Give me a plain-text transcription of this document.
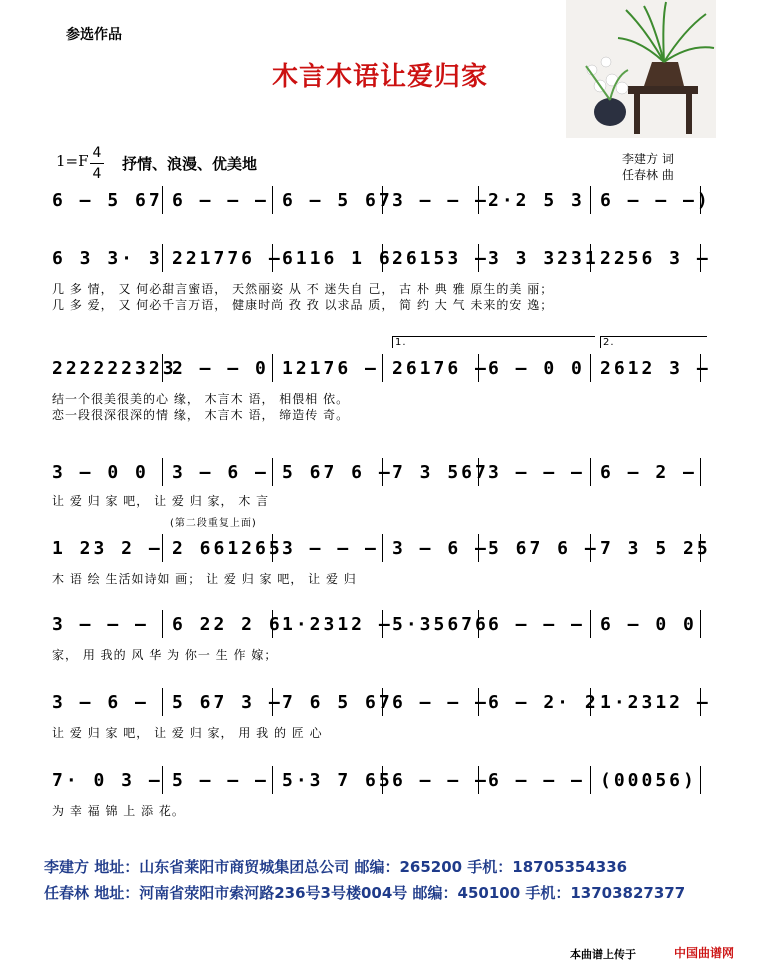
参选作品
木言木语让爱归家
1=F 4
4
抒情、浪漫、优美地	李建方 词
任春林 曲
6 – 5 67 6 – – – 6 – 5 67 3 – – – 2·2 5 3 6 – – –)
6 3 3· 3 221776 – 6116 1 6 26153 – 3 3 3231 2256 3 –
几 多 情， 又 何必甜言蜜语， 天然丽姿 从 不 迷失自 己， 古 朴 典 雅 原生的美 丽；
几 多 爱， 又 何必千言万语， 健康时尚 孜 孜 以求品 质， 简 约 大 气 未来的安 逸；
222222323
2 – – 0 12176 – 26176 – 6 – 0 0 2612 3 –
结一个很美很美的心 缘， 木言木 语， 相偎相 依。
恋一段很深很深的情 缘， 木言木 语， 缔造传 奇。
1.	2.
3 – 0 0 3 – 6 – 5 67 6 – 7 3 567 3 – – – 6 – 2 –
让 爱 归 家 吧， 让 爱 归 家， 木 言
(第二段重复上面)
1 23 2 – 2 661265 3 – – – 3 – 6 – 5 67 6 – 7 3 5 25
木 语 绘 生活如诗如 画； 让 爱 归 家 吧， 让 爱 归
3 – – – 6 22 2 6 1·2312 – 5·35676 6 – – – 6 – 0 0
家， 用 我的 风 华 为 你一 生 作 嫁；
3 – 6 – 5 67 3 – 7 6 5 67 6 – – – 6 – 2· 2 1·2312 –
让 爱 归 家 吧， 让 爱 归 家， 用 我 的 匠 心
7· 0 3 – 5 – – – 5·3 7 65 6 – – – 6 – – – (00056)
为 幸 福 锦 上 添 花。
李建方 地址：山东省莱阳市商贸城集团总公司 邮编：265200 手机：18705354336
任春林 地址：河南省荥阳市索河路236号3号楼004号 邮编：450100 手机：13703827377
本曲谱上传于	中国曲谱网
